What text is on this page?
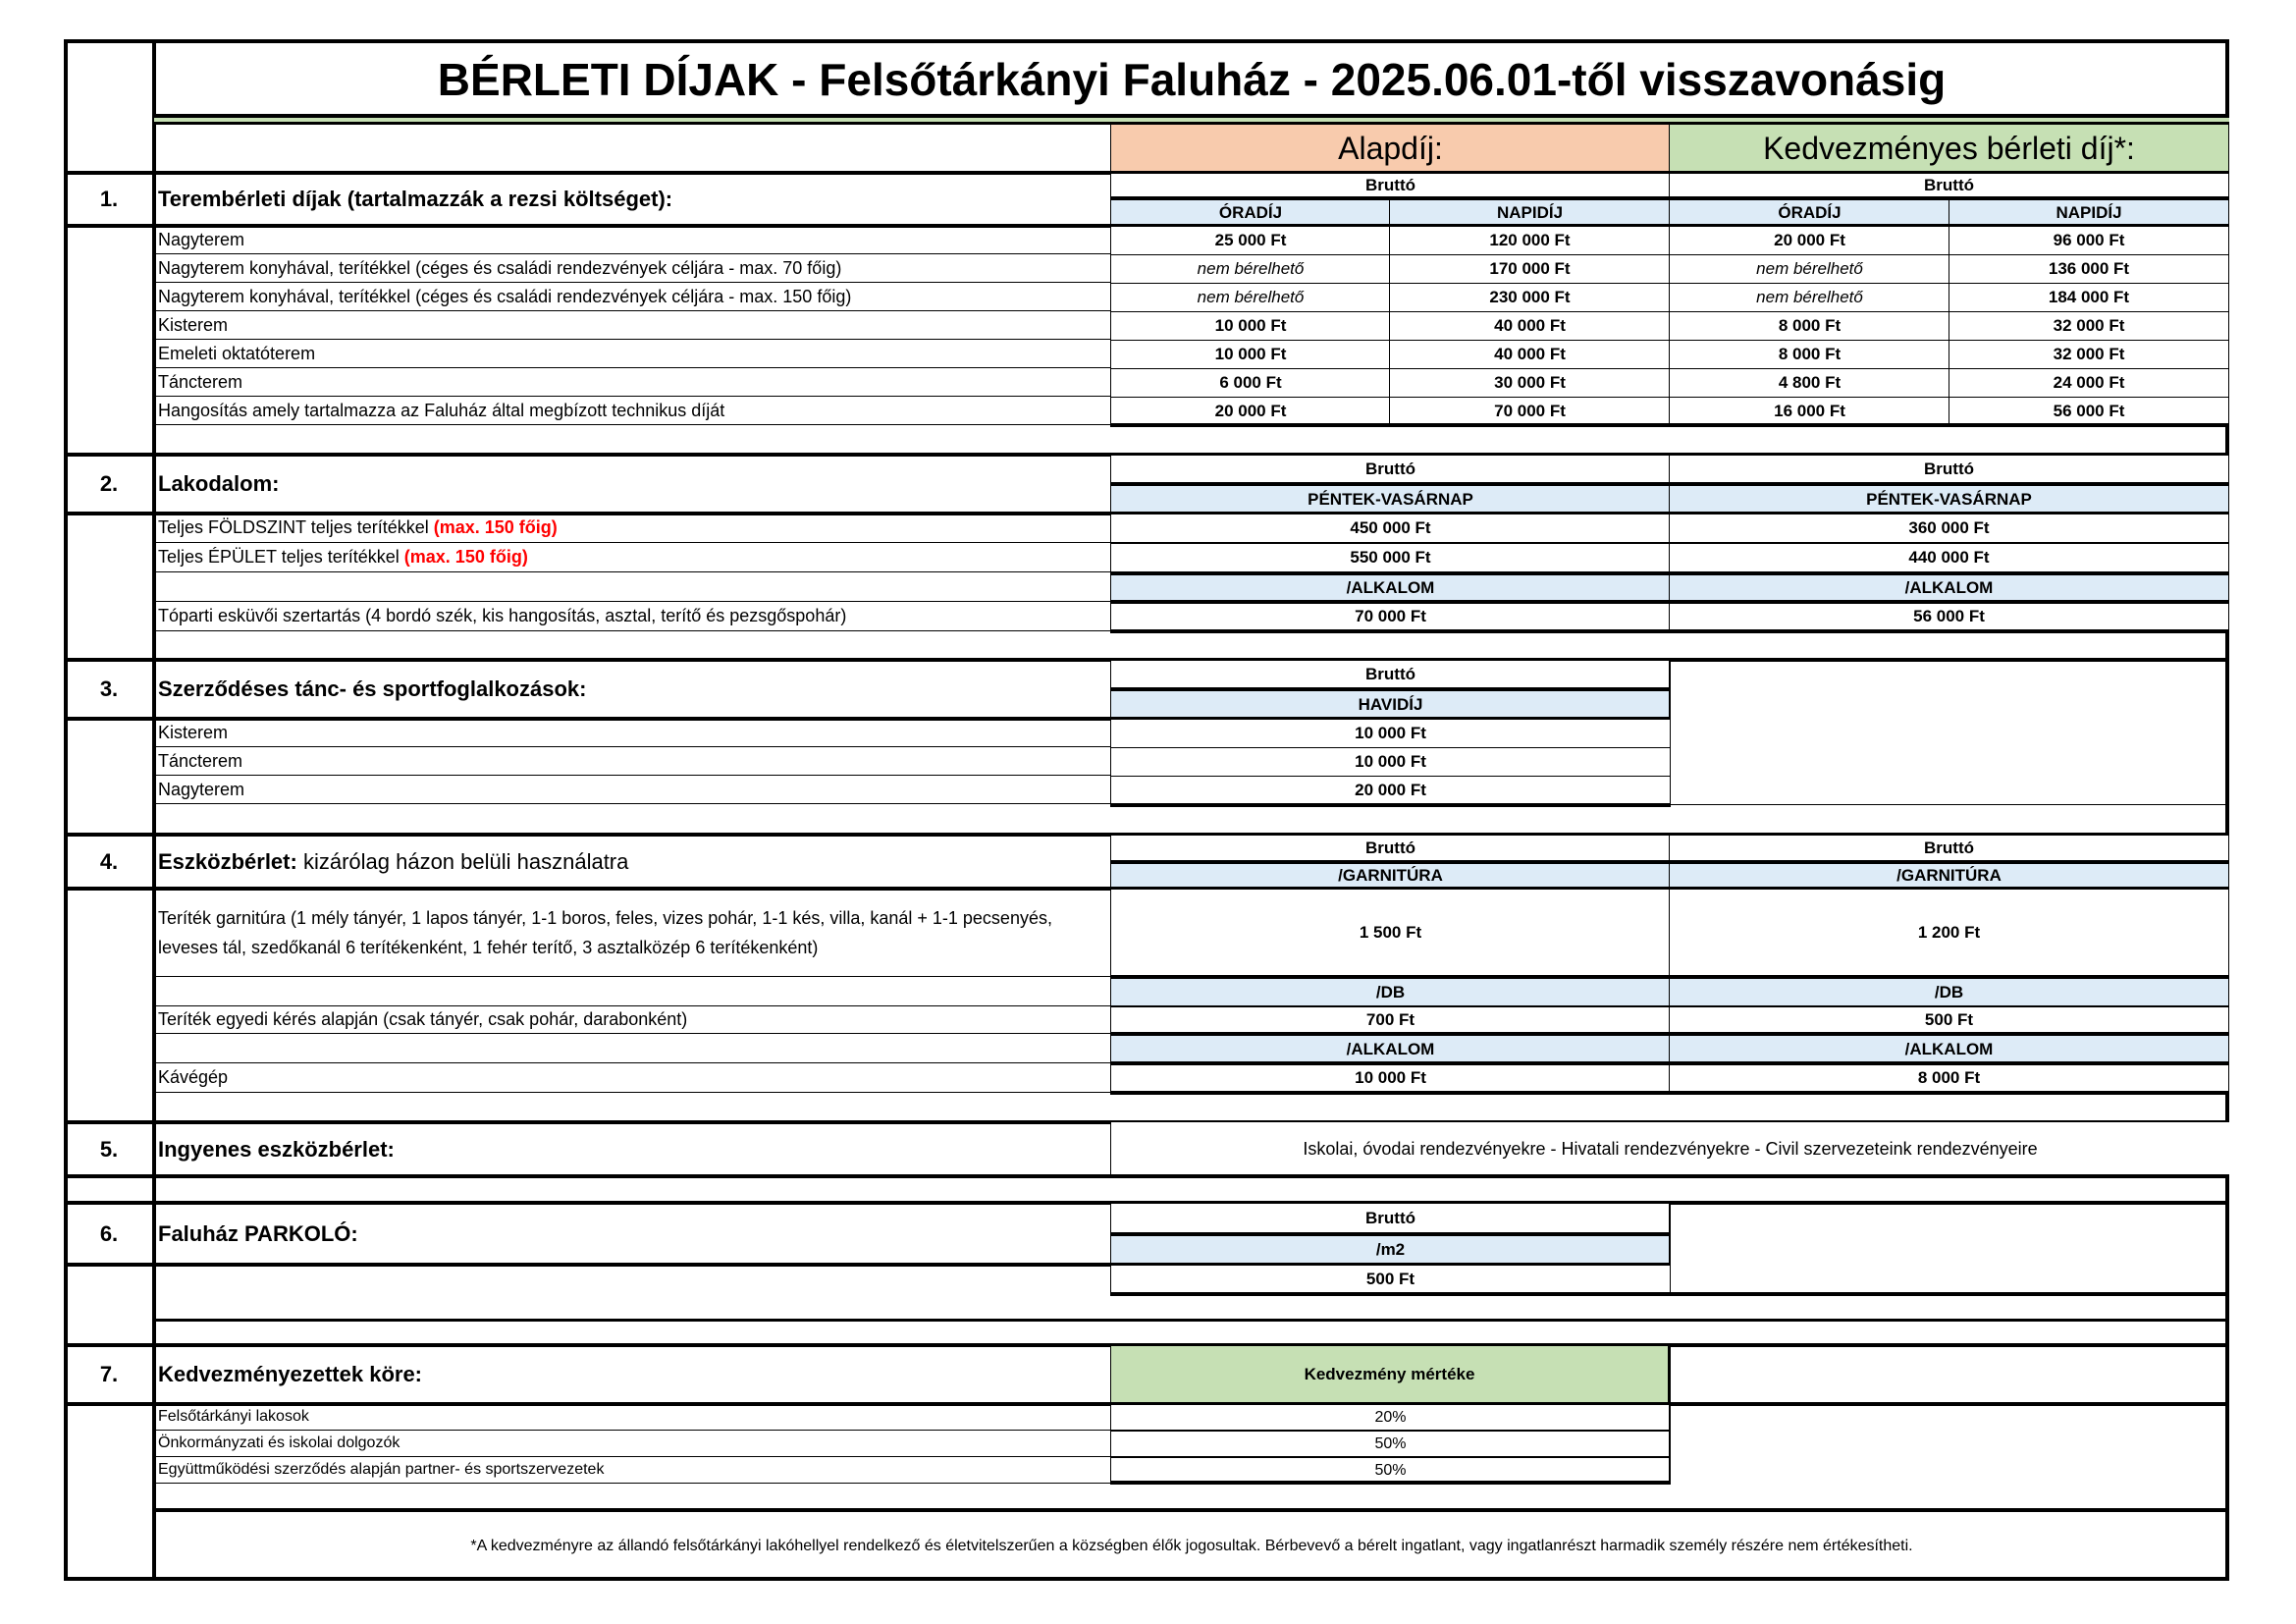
BÉRLETI DÍJAK - Felsőtárkányi Faluház - 2025.06.01-től visszavonásig
Alapdíj:	Kedvezményes bérleti díj*:
1.	Terembérleti díjak (tartalmazzák a rezsi költséget):
Bruttó	Bruttó
ÓRADÍJ	NAPIDÍJ	ÓRADÍJ	NAPIDÍJ
Nagyterem	25 000 Ft	120 000 Ft	20 000 Ft	96 000 Ft
Nagyterem konyhával, terítékkel (céges és családi rendezvények céljára - max. 70 főig)	nem bérelhető	170 000 Ft	nem bérelhető	136 000 Ft
Nagyterem konyhával, terítékkel (céges és családi rendezvények céljára - max. 150 főig)	nem bérelhető	230 000 Ft	nem bérelhető	184 000 Ft
Kisterem	10 000 Ft	40 000 Ft	8 000 Ft	32 000 Ft
Emeleti oktatóterem	10 000 Ft	40 000 Ft	8 000 Ft	32 000 Ft
Táncterem	6 000 Ft	30 000 Ft	4 800 Ft	24 000 Ft
Hangosítás amely tartalmazza az Faluház által megbízott technikus díját	20 000 Ft	70 000 Ft	16 000 Ft	56 000 Ft
2.	Lakodalom:
Bruttó	Bruttó
PÉNTEK-VASÁRNAP	PÉNTEK-VASÁRNAP
Teljes FÖLDSZINT teljes terítékkel (max. 150 főig)	450 000 Ft	360 000 Ft
Teljes ÉPÜLET teljes terítékkel (max. 150 főig)	550 000 Ft	440 000 Ft
/ALKALOM	/ALKALOM
Tóparti esküvői szertartás (4 bordó szék, kis hangosítás, asztal, terítő és pezsgőspohár)	70 000 Ft	56 000 Ft
3.	Szerződéses tánc- és sportfoglalkozások:
Bruttó
HAVIDÍJ
Kisterem	10 000 Ft
Táncterem	10 000 Ft
Nagyterem	20 000 Ft
4.	Eszközbérlet: kizárólag házon belüli használatra
Bruttó	Bruttó
/GARNITÚRA	/GARNITÚRA
Teríték garnitúra (1 mély tányér, 1 lapos tányér, 1-1 boros, feles, vizes pohár, 1-1 kés, villa, kanál + 1-1 pecsenyés, leveses tál, szedőkanál 6 terítékenként, 1 fehér terítő, 3 asztalközép 6 terítékenként)
1 500 Ft	1 200 Ft
/DB	/DB
Teríték egyedi kérés alapján (csak tányér, csak pohár, darabonként)	700 Ft	500 Ft
/ALKALOM	/ALKALOM
Kávégép	10 000 Ft	8 000 Ft
5.	Ingyenes eszközbérlet:	Iskolai, óvodai rendezvényekre - Hivatali rendezvényekre - Civil szervezeteink rendezvényeire
6.	Faluház PARKOLÓ:
Bruttó
/m2
500 Ft
7.	Kedvezményezettek köre:	Kedvezmény mértéke
Felsőtárkányi lakosok	20%
Önkormányzati és iskolai dolgozók	50%
Együttműködési szerződés alapján partner- és sportszervezetek	50%
*A kedvezményre az állandó felsőtárkányi lakóhellyel rendelkező és életvitelszerűen a községben élők jogosultak. Bérbevevő a bérelt ingatlant, vagy ingatlanrészt harmadik személy részére nem értékesítheti.
